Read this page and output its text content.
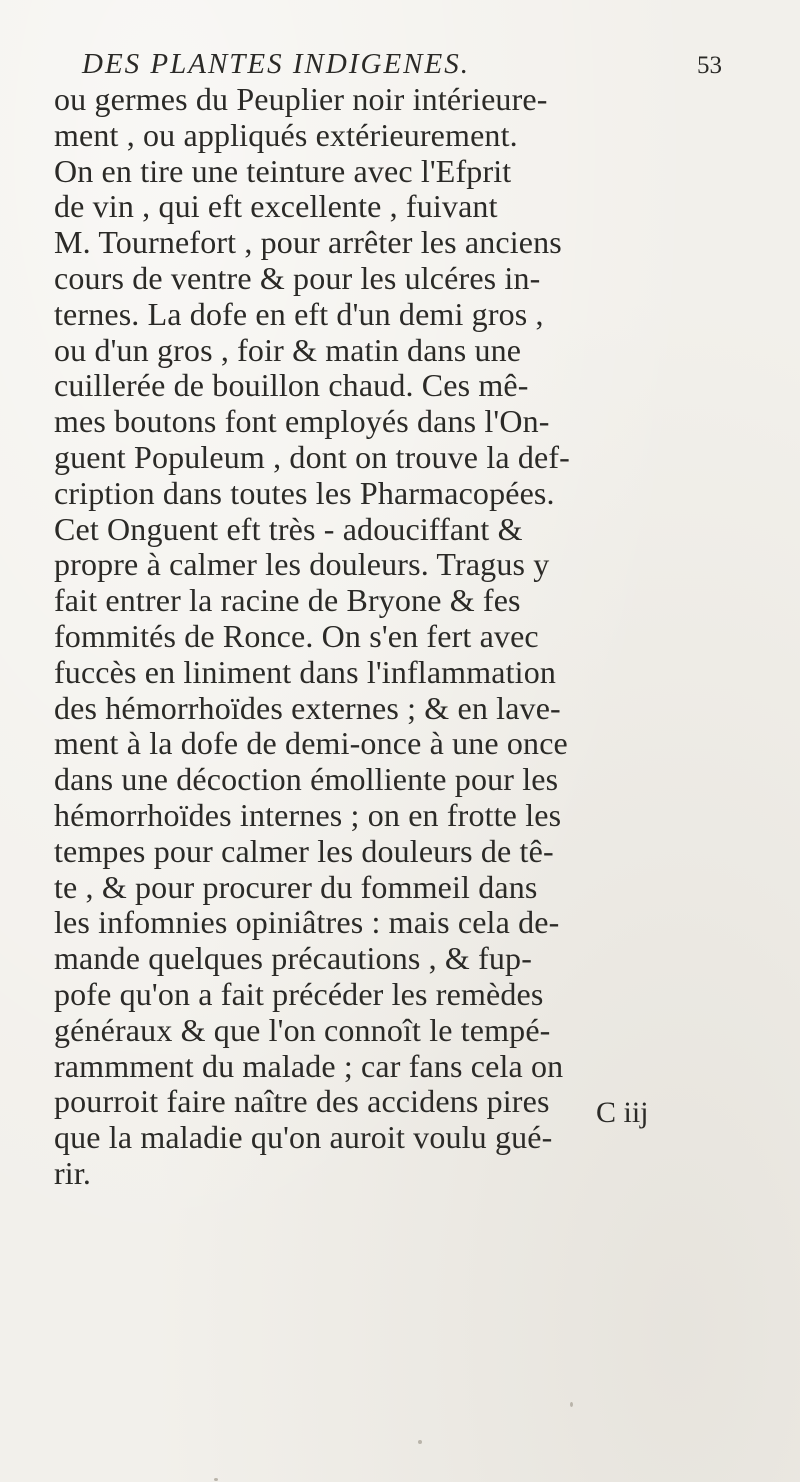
DES PLANTES INDIGENES.	53
ou germes du Peuplier noir intérieure-
ment , ou appliqués extérieurement.
On en tire une teinture avec l'Efprit
de vin , qui eft excellente , fuivant
M. Tournefort , pour arrêter les anciens
cours de ventre & pour les ulcéres in-
ternes. La dofe en eft d'un demi gros ,
ou d'un gros , foir & matin dans une
cuillerée de bouillon chaud. Ces mê-
mes boutons font employés dans l'On-
guent Populeum , dont on trouve la def-
cription dans toutes les Pharmacopées.
Cet Onguent eft très - adouciffant &
propre à calmer les douleurs. Tragus y
fait entrer la racine de Bryone & fes
fommités de Ronce. On s'en fert avec
fuccès en liniment dans l'inflammation
des hémorrhoïdes externes ; & en lave-
ment à la dofe de demi-once à une once
dans une décoction émolliente pour les
hémorrhoïdes internes ; on en frotte les
tempes pour calmer les douleurs de tê-
te , & pour procurer du fommeil dans
les infomnies opiniâtres : mais cela de-
mande quelques précautions , & fup-
pofe qu'on a fait précéder les remèdes
généraux & que l'on connoît le tempé-
rammment du malade ; car fans cela on
pourroit faire naître des accidens pires
que la maladie qu'on auroit voulu gué-
rir.
C iij
